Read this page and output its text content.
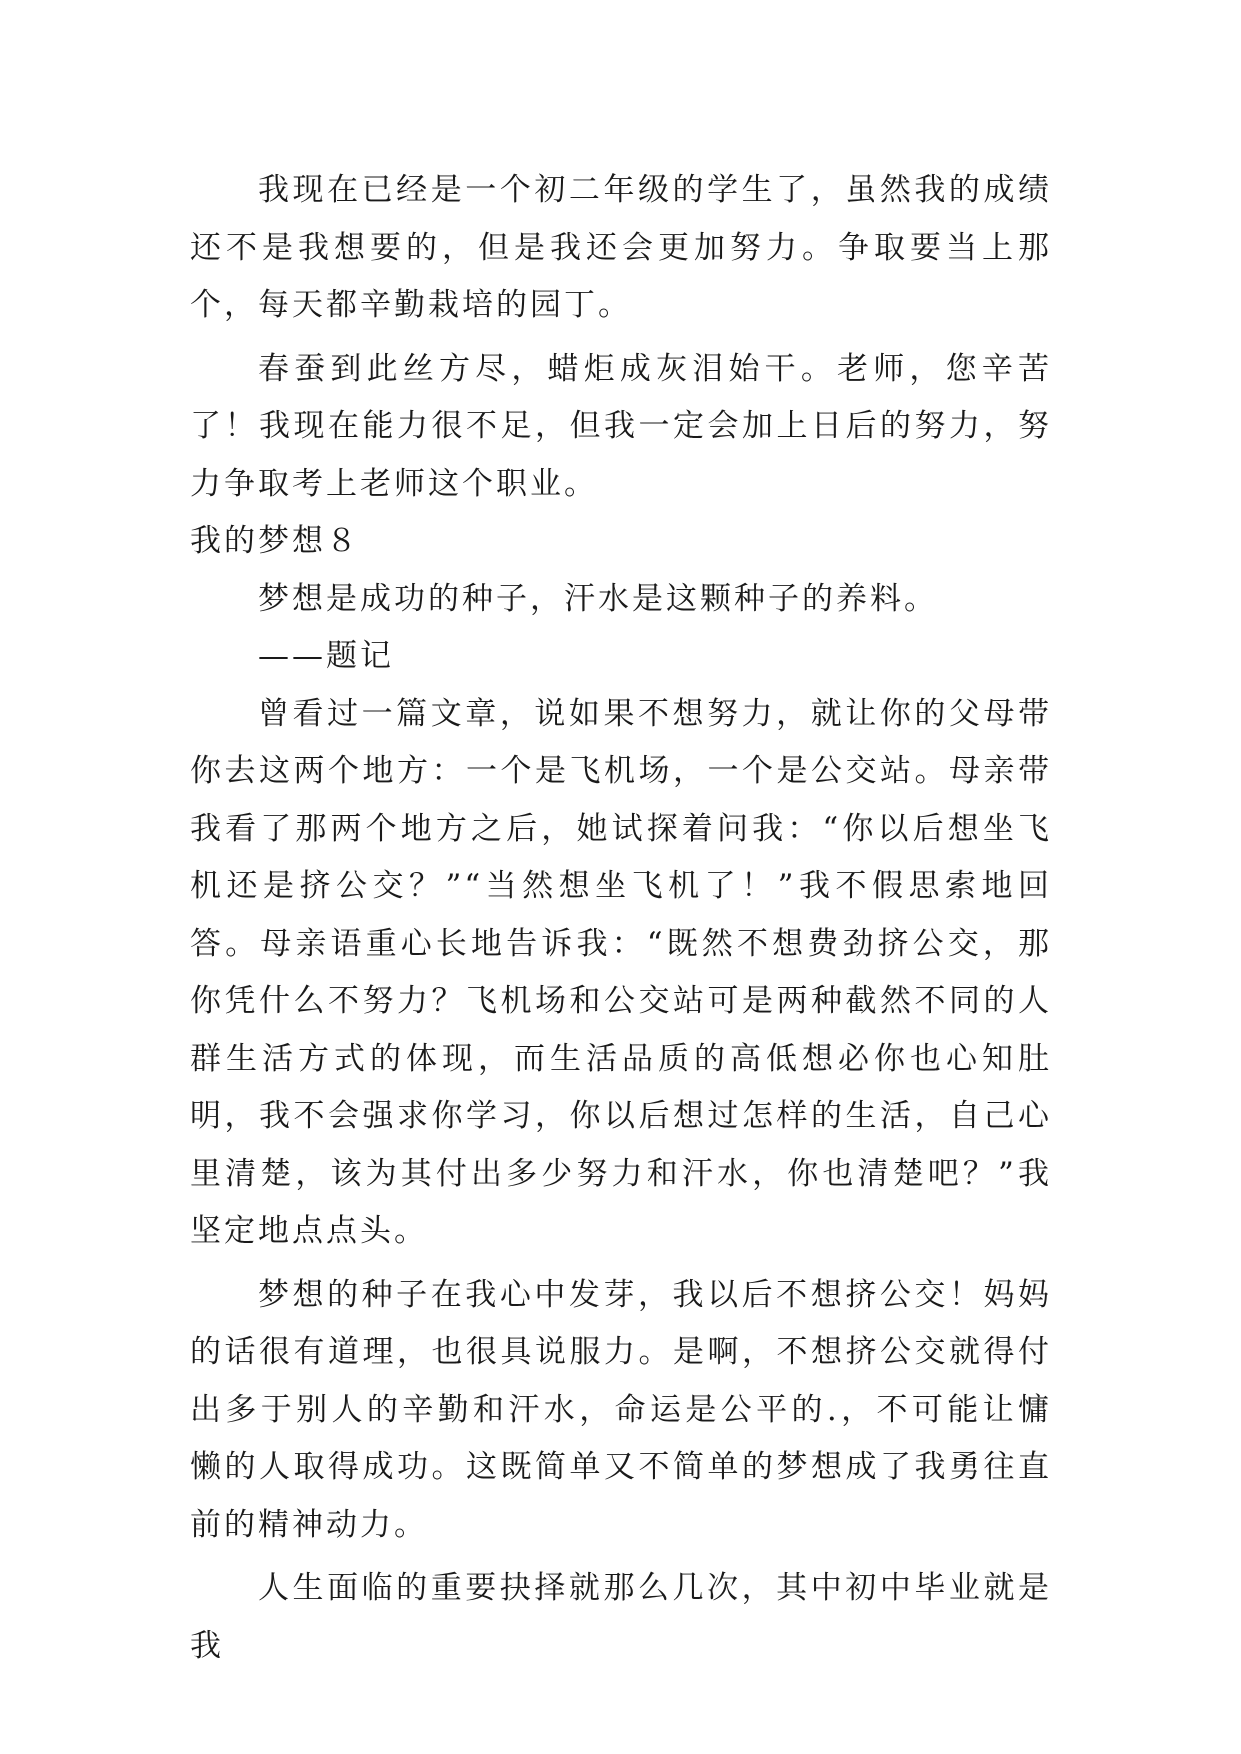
我现在已经是一个初二年级的学生了，虽然我的成绩还不是我想要的，但是我还会更加努力。争取要当上那个，每天都辛勤栽培的园丁。

春蚕到此丝方尽，蜡炬成灰泪始干。老师，您辛苦了！我现在能力很不足，但我一定会加上日后的努力，努力争取考上老师这个职业。

我的梦想８

梦想是成功的种子，汗水是这颗种子的养料。

——题记

曾看过一篇文章，说如果不想努力，就让你的父母带你去这两个地方：一个是飞机场，一个是公交站。母亲带我看了那两个地方之后，她试探着问我：“你以后想坐飞机还是挤公交？”“当然想坐飞机了！”我不假思索地回答。母亲语重心长地告诉我：“既然不想费劲挤公交，那你凭什么不努力？飞机场和公交站可是两种截然不同的人群生活方式的体现，而生活品质的高低想必你也心知肚明，我不会强求你学习，你以后想过怎样的生活，自己心里清楚，该为其付出多少努力和汗水，你也清楚吧？”我坚定地点点头。

梦想的种子在我心中发芽，我以后不想挤公交！妈妈的话很有道理，也很具说服力。是啊，不想挤公交就得付出多于别人的辛勤和汗水，命运是公平的.，不可能让慵懒的人取得成功。这既简单又不简单的梦想成了我勇往直前的精神动力。

人生面临的重要抉择就那么几次，其中初中毕业就是我
